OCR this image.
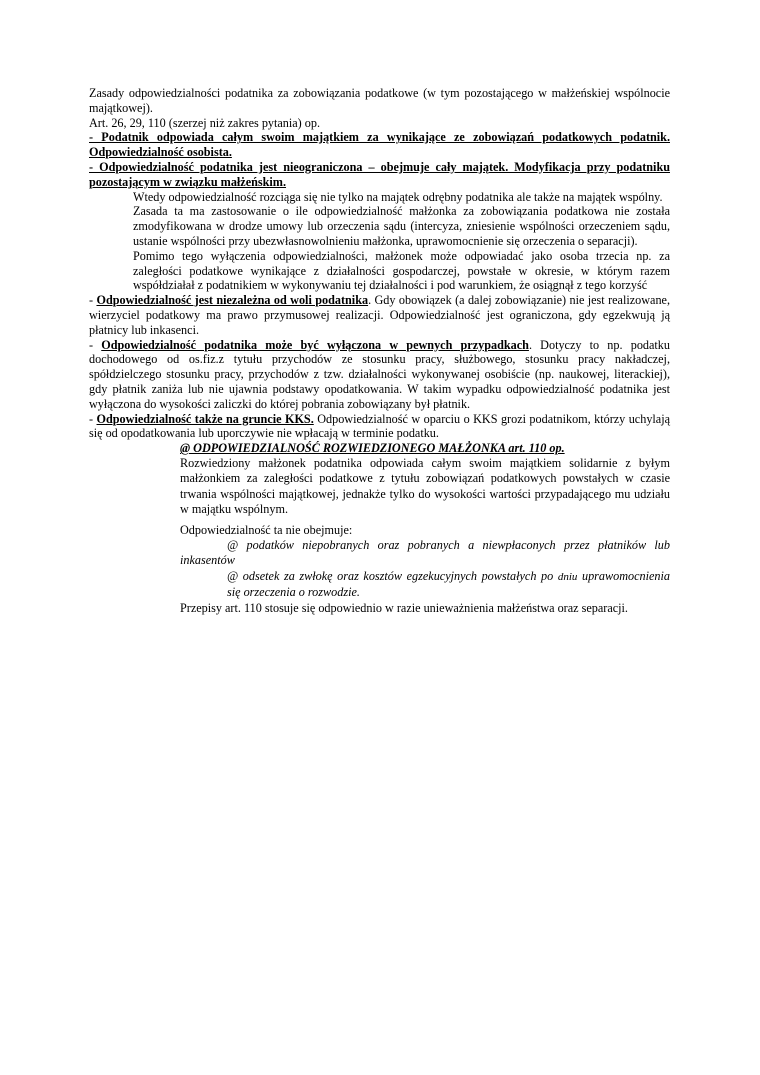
Zasady odpowiedzialności podatnika za zobowiązania podatkowe (w tym pozostającego w małżeńskiej wspólnocie majątkowej).

Art. 26, 29, 110 (szerzej niż zakres pytania) op.

- Podatnik odpowiada całym swoim majątkiem za wynikające ze zobowiązań podatkowych podatnik. Odpowiedzialność osobista.

- Odpowiedzialność podatnika jest nieograniczona – obejmuje cały majątek. Modyfikacja przy podatniku pozostającym w związku małżeńskim.

Wtedy odpowiedzialność rozciąga się nie tylko na majątek odrębny podatnika ale także na majątek wspólny.

Zasada ta ma zastosowanie o ile odpowiedzialność małżonka za zobowiązania podatkowa nie została zmodyfikowana w drodze umowy lub orzeczenia sądu (intercyza, zniesienie wspólności orzeczeniem sądu, ustanie wspólności przy ubezwłasnowolnieniu małżonka, uprawomocnienie się orzeczenia o separacji).

Pomimo tego wyłączenia odpowiedzialności, małżonek może odpowiadać jako osoba trzecia np. za zaległości podatkowe wynikające z działalności gospodarczej, powstałe w okresie, w którym razem współdziałał z podatnikiem w wykonywaniu tej działalności i pod warunkiem, że osiągnął z tego korzyść

- Odpowiedzialność jest niezależna od woli podatnika. Gdy obowiązek (a dalej zobowiązanie) nie jest realizowane, wierzyciel podatkowy ma prawo przymusowej realizacji. Odpowiedzialność jest ograniczona, gdy egzekwują ją płatnicy lub inkasenci.

- Odpowiedzialność podatnika może być wyłączona w pewnych przypadkach. Dotyczy to np. podatku dochodowego od os.fiz.z tytułu przychodów ze stosunku pracy, służbowego, stosunku pracy nakładczej, spółdzielczego stosunku pracy, przychodów z tzw. działalności wykonywanej osobiście (np. naukowej, literackiej), gdy płatnik zaniża lub nie ujawnia podstawy opodatkowania. W takim wypadku odpowiedzialność podatnika jest wyłączona do wysokości zaliczki do której pobrania zobowiązany był płatnik.

- Odpowiedzialność także na gruncie KKS. Odpowiedzialność w oparciu o KKS grozi podatnikom, którzy uchylają się od opodatkowania lub uporczywie nie wpłacają w terminie podatku.

@ ODPOWIEDZIALNOŚĆ ROZWIEDZIONEGO MAŁŻONKA art. 110 op.

Rozwiedziony małżonek podatnika odpowiada całym swoim majątkiem solidarnie z byłym małżonkiem za zaległości podatkowe z tytułu zobowiązań podatkowych powstałych w czasie trwania wspólności majątkowej, jednakże tylko do wysokości wartości przypadającego mu udziału w majątku wspólnym.

Odpowiedzialność ta nie obejmuje:

@ podatków niepobranych oraz pobranych a niewpłaconych przez płatników lub inkasentów

@ odsetek za zwłokę oraz kosztów egzekucyjnych powstałych po dniu uprawomocnienia się orzeczenia o rozwodzie.

Przepisy art. 110 stosuje się odpowiednio w razie unieważnienia małżeństwa oraz separacji.
